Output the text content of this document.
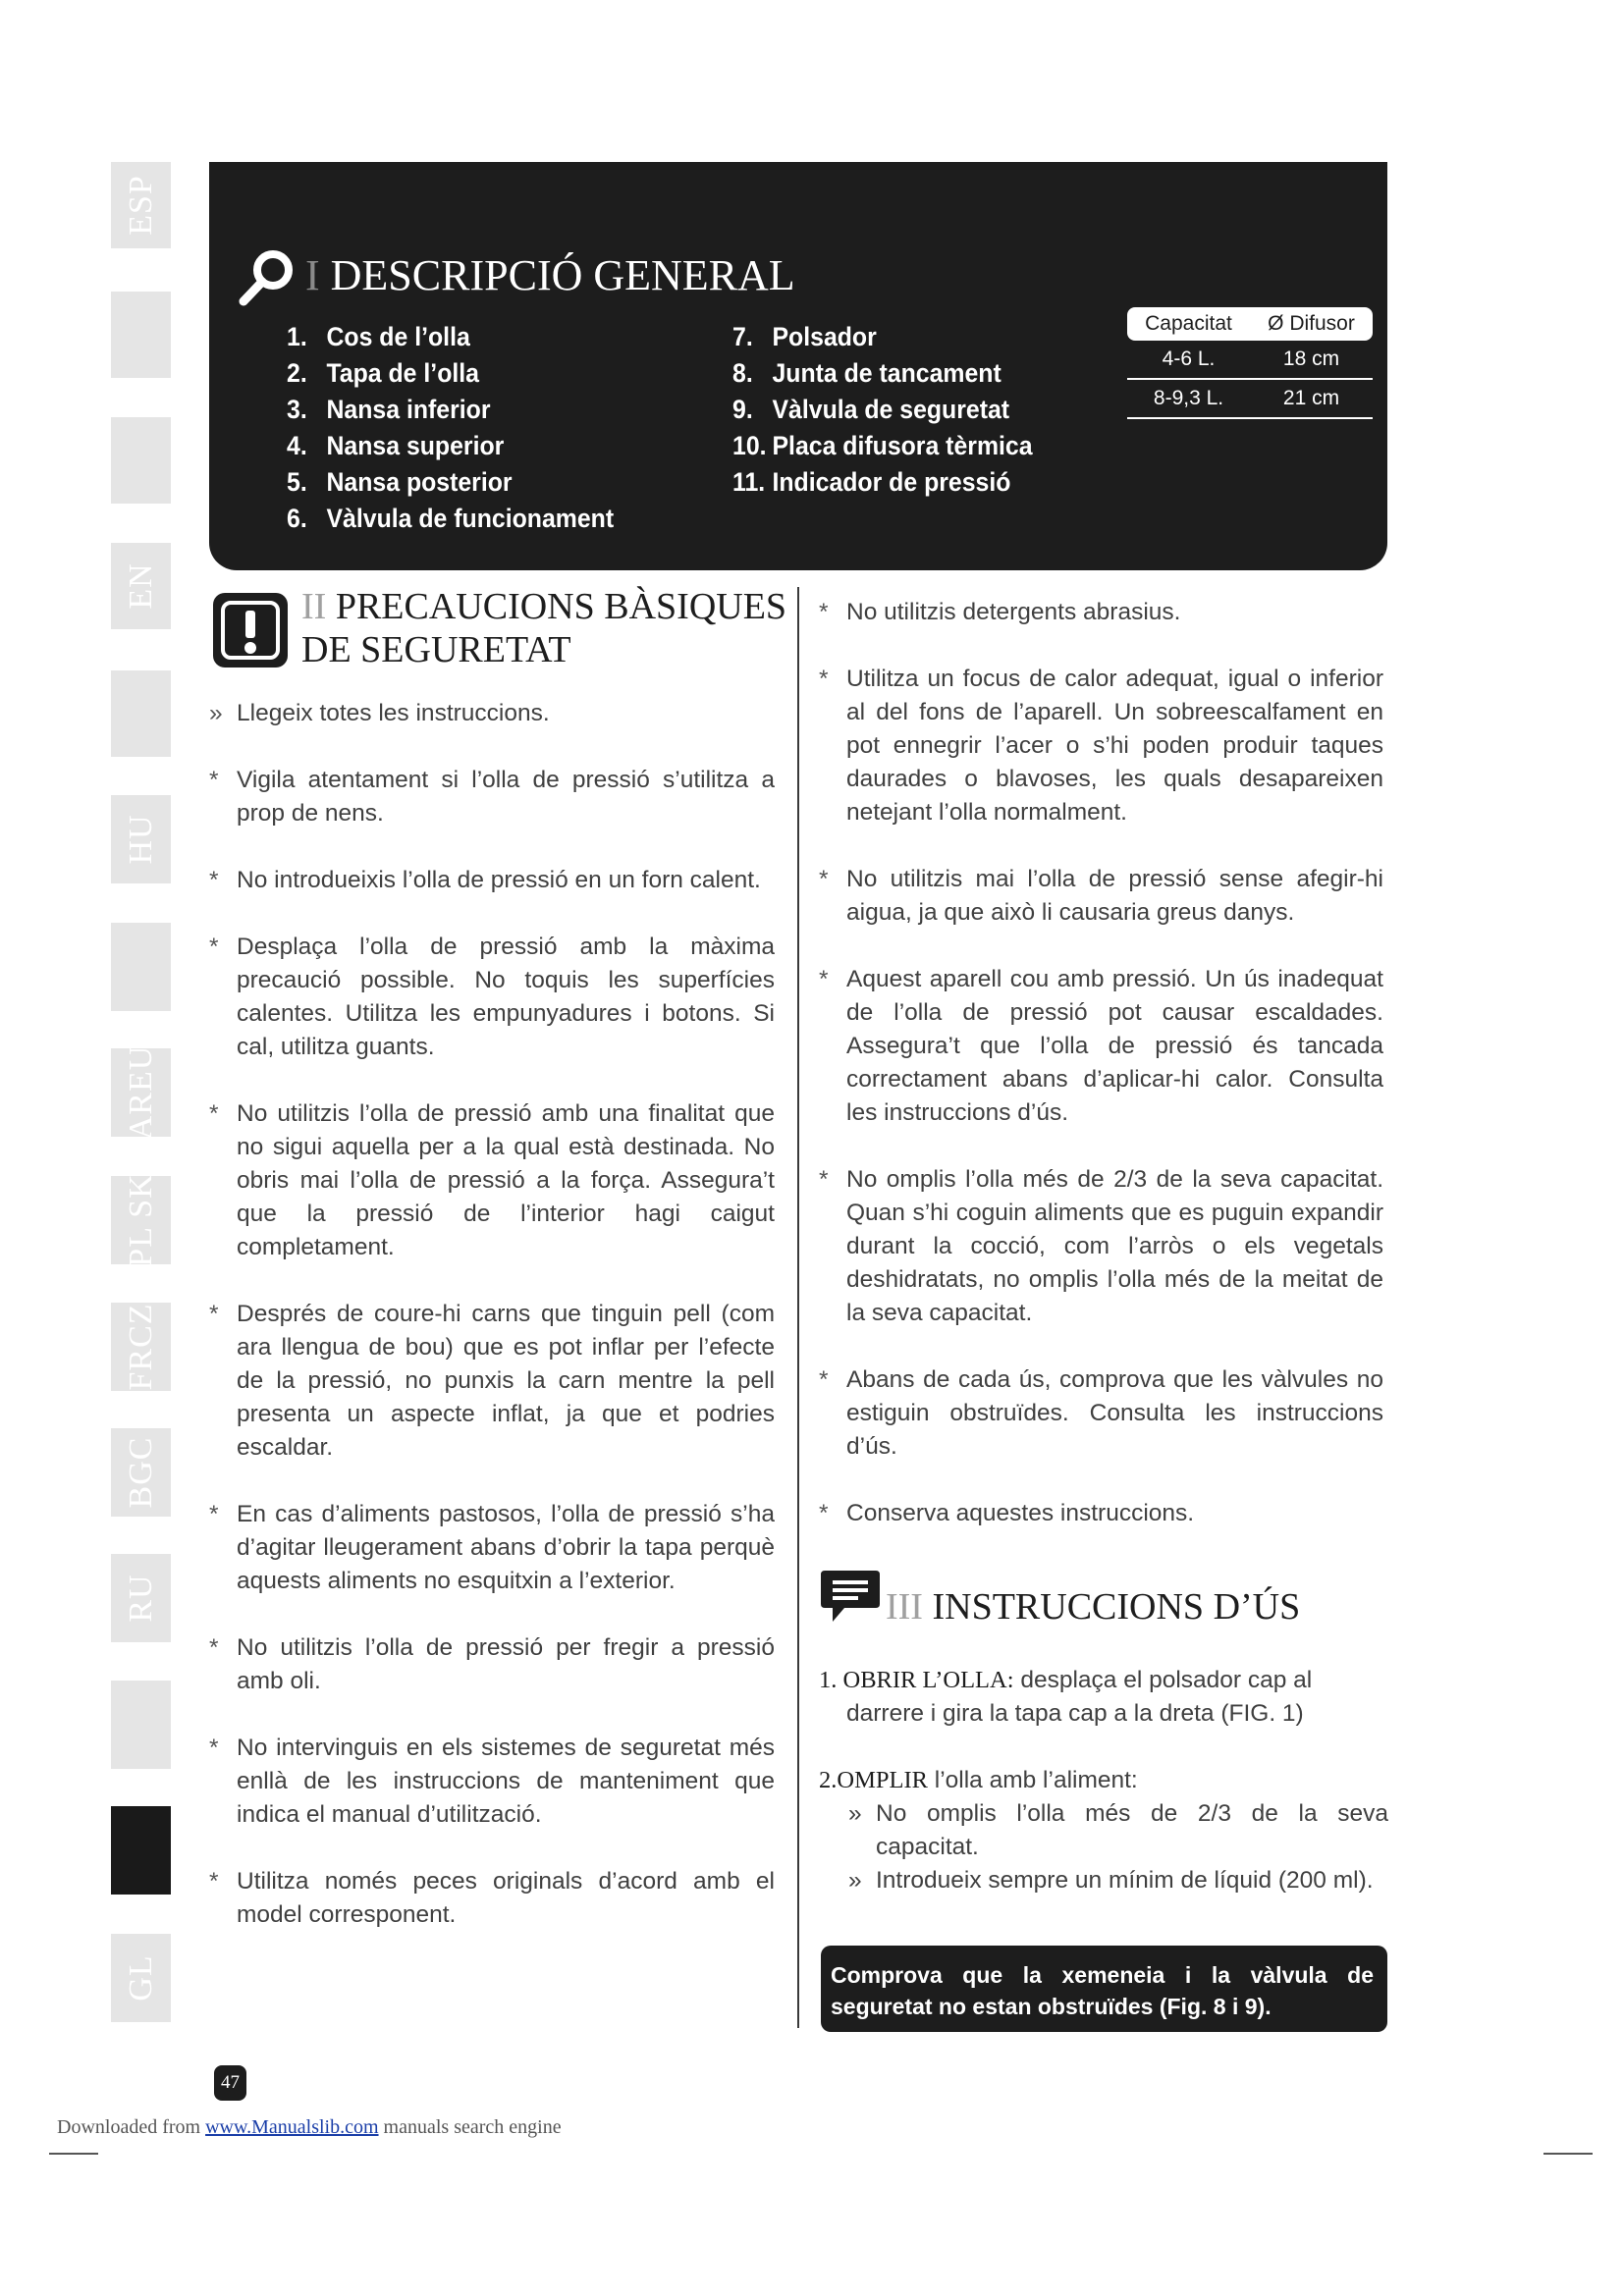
ESP
EN
HU
AREU
PL SK
FRCZ
BGC
RU
GL
I DESCRIPCIÓ GENERAL
1. Cos de l’olla
2. Tapa de l’olla
3. Nansa inferior
4. Nansa superior
5. Nansa posterior
6. Vàlvula de funcionament
7. Polsador
8. Junta de tancament
9. Vàlvula de seguretat
10. Placa difusora tèrmica
11. Indicador de pressió
Capacitat	Ø Difusor
4-6 L.	18 cm
8-9,3 L.	21 cm
II PRECAUCIONS BÀSIQUES
DE SEGURETAT
» Llegeix totes les instruccions.
* Vigila atentament si l’olla de pressió s’utilitza a prop de nens.
* No introdueixis l’olla de pressió en un forn calent.
* Desplaça l’olla de pressió amb la màxima precaució possible. No toquis les superfícies calentes. Utilitza les empunyadures i botons. Si cal, utilitza guants.
* No utilitzis l’olla de pressió amb una finalitat que no sigui aquella per a la qual està destinada. No obris mai l’olla de pressió a la força. Assegura’t que la pressió de l’interior hagi caigut completament.
* Després de coure-hi carns que tinguin pell (com ara llengua de bou) que es pot inflar per l’efecte de la pressió, no punxis la carn mentre la pell presenta un aspecte inflat, ja que et podries escaldar.
* En cas d’aliments pastosos, l’olla de pressió s’ha d’agitar lleugerament abans d’obrir la tapa perquè aquests aliments no esquitxin a l’exterior.
* No utilitzis l’olla de pressió per fregir a pressió amb oli.
* No intervinguis en els sistemes de seguretat més enllà de les instruccions de manteniment que indica el manual d’utilització.
* Utilitza només peces originals d’acord amb el model corresponent.
* No utilitzis detergents abrasius.
* Utilitza un focus de calor adequat, igual o inferior al del fons de l’aparell. Un sobreescalfament en pot ennegrir l’acer o s’hi poden produir taques daurades o blavoses, les quals desapareixen netejant l’olla normalment.
* No utilitzis mai l’olla de pressió sense afegir-hi aigua, ja que això li causaria greus danys.
* Aquest aparell cou amb pressió. Un ús inadequat de l’olla de pressió pot causar escaldades. Assegura’t que l’olla de pressió és tancada correctament abans d’aplicar-hi calor. Consulta les instruccions d’ús.
* No omplis l’olla més de 2/3 de la seva capacitat. Quan s’hi coguin aliments que es puguin expandir durant la cocció, com l’arròs o els vegetals deshidratats, no omplis l’olla més de la meitat de la seva capacitat.
* Abans de cada ús, comprova que les vàlvules no estiguin obstruïdes. Consulta les instruccions d’ús.
* Conserva aquestes instruccions.
III INSTRUCCIONS D’ÚS
1. OBRIR L’OLLA: desplaça el polsador cap al darrere i gira la tapa cap a la dreta (FIG. 1)
2.OMPLIR l’olla amb l’aliment:
» No omplis l’olla més de 2/3 de la seva capacitat.
» Introdueix sempre un mínim de líquid (200 ml).
Comprova que la xemeneia i la vàlvula de seguretat no estan obstruïdes (Fig. 8 i 9).
47
Downloaded from www.Manualslib.com manuals search engine
